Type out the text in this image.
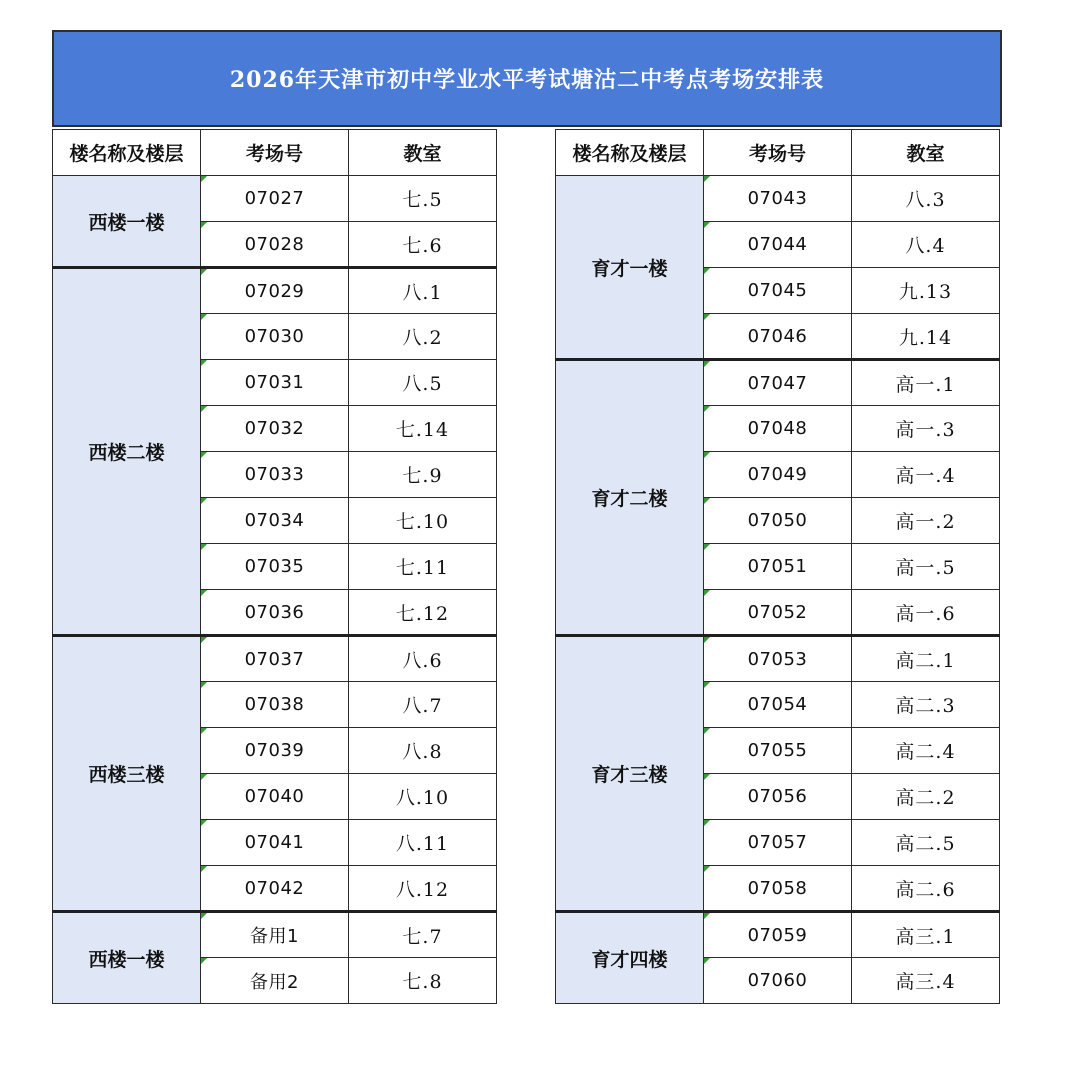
2026年天津市初中学业水平考试塘沽二中考点考场安排表
楼名称及楼层	考场号	教室
西楼一楼	07027	七.5

07028	七.6
西楼二楼	07029	八.1

07030	八.2

07031	八.5

07032	七.14

07033	七.9

07034	七.10

07035	七.11

07036	七.12
西楼三楼	07037	八.6

07038	八.7

07039	八.8

07040	八.10

07041	八.11

07042	八.12
西楼一楼	备用1	七.7

备用2	七.8
楼名称及楼层	考场号	教室
育才一楼	07043	八.3

07044	八.4

07045	九.13

07046	九.14
育才二楼	07047	高一.1

07048	高一.3

07049	高一.4

07050	高一.2

07051	高一.5

07052	高一.6
育才三楼	07053	高二.1

07054	高二.3

07055	高二.4

07056	高二.2

07057	高二.5

07058	高二.6
育才四楼	07059	高三.1

07060	高三.4
